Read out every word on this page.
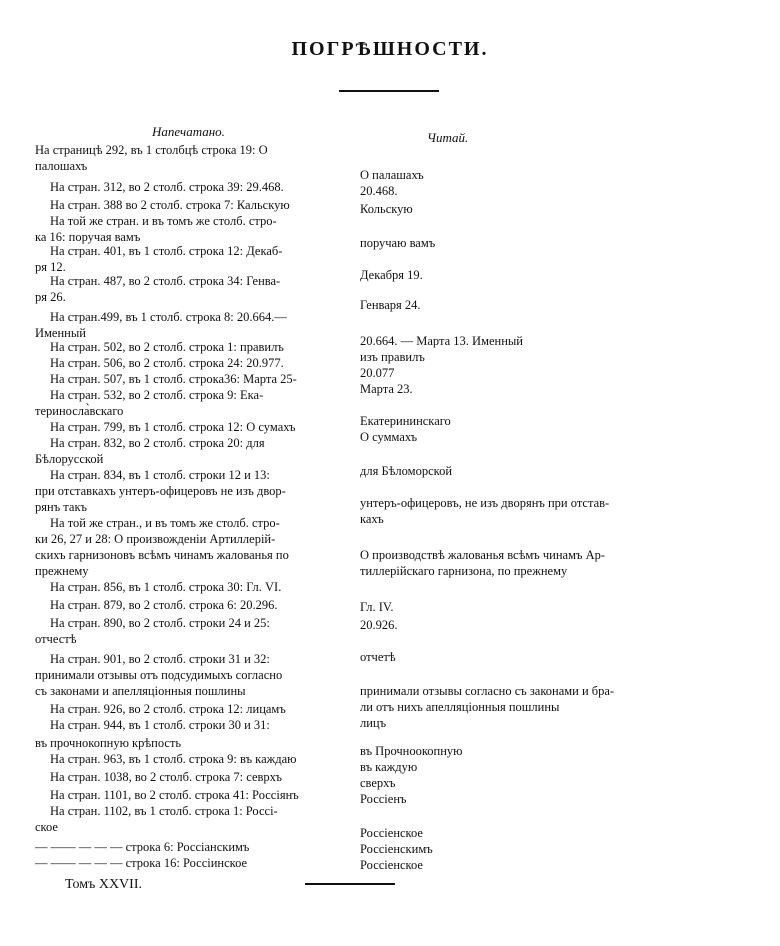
ПОГРѢШНОСТИ.
Напечатано.	Читай.
На страницѣ 292, въ 1 столбцѣ строка 19: О
палошахъ
На стран. 312, во 2 столб. строка 39: 29.468.
На стран. 388 во 2 столб. строка 7: Кальскую
На той же стран. и въ томъ же столб. стро-
ка 16: поручая вамъ
На стран. 401, въ 1 столб. строка 12: Декаб-
ря 12.
На стран. 487, во 2 столб. строка 34: Генва-
ря 26.
На стран.499, въ 1 столб. строка 8: 20.664.—
Именный
На стран. 502, во 2 столб. строка 1: правилъ
На стран. 506, во 2 столб. строка 24: 20.977.
На стран. 507, въ 1 столб. строка36: Марта 25-
На стран. 532, во 2 столб. строка 9: Ека-
териносла̀вскаго
На стран. 799, въ 1 столб. строка 12: О сумахъ
На стран. 832, во 2 столб. строка 20: для
Бѣлорусской
На стран. 834, въ 1 столб. строки 12 и 13:
при отставкахъ унтеръ-офицеровъ не изъ двор-
рянъ такъ
На той же стран., и въ томъ же столб. стро-
ки 26, 27 и 28: О произвожденіи Артиллерій-
скихъ гарнизоновъ всѣмъ чинамъ жалованья по
прежнему
На стран. 856, въ 1 столб. строка 30: Гл. VI.
На стран. 879, во 2 столб. строка 6: 20.296.
На стран. 890, во 2 столб. строки 24 и 25:
отчестѣ
На стран. 901, во 2 столб. строки 31 и 32:
принимали отзывы отъ подсудимыхъ согласно
съ законами и апелляціонныя пошлины
На стран. 926, во 2 столб. строка 12: лицамъ
На стран. 944, въ 1 столб. строки 30 и 31:
въ прочнокопную крѣпость
На стран. 963, въ 1 столб. строка 9: въ каждаю
На стран. 1038, во 2 столб. строка 7: севрхъ
На стран. 1101, во 2 столб. строка 41: Россіянъ
На стран. 1102, въ 1 столб. строка 1: Россі-
ское
— —— — — — строка 6: Россіанскимъ
— —— — — — строка 16: Россіинское
О палашахъ
20.468.
Кольскую
поручаю вамъ
Декабря 19.
Генваря 24.
20.664. — Марта 13. Именный
изъ правилъ
20.077
Марта 23.
Екатерининскаго
О суммахъ
для Бѣломорской
унтеръ-офицеровъ, не изъ дворянъ при отстав-
кахъ
О производствѣ жалованья всѣмъ чинамъ Ар-
тиллерійскаго гарнизона, по прежнему
Гл. IV.
20.926.
отчетѣ
принимали отзывы согласно съ законами и бра-
ли отъ нихъ апелляціонныя пошлины
лицъ
въ Прочноокопную
въ каждую
сверхъ
Россіенъ
Россіенское
Россіенскимъ
Россіенское
Томъ XXVII.
